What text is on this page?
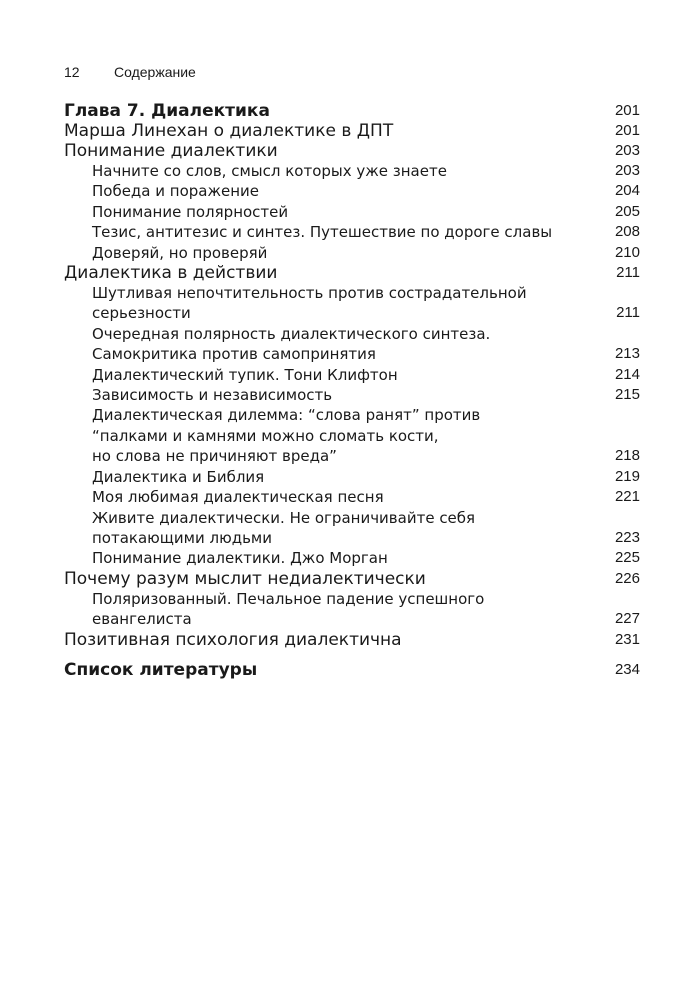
12 Содержание
Глава 7. Диалектика	201
Марша Линехан о диалектике в ДПТ	201
Понимание диалектики	203
Начните со слов, смысл которых уже знаете	203
Победа и поражение	204
Понимание полярностей	205
Тезис, антитезис и синтез. Путешествие по дороге славы	208
Доверяй, но проверяй	210
Диалектика в действии	211
Шутливая непочтительность против сострадательной
серьезности	211
Очередная полярность диалектического синтеза.
Самокритика против самопринятия	213
Диалектический тупик. Тони Клифтон	214
Зависимость и независимость	215
Диалектическая дилемма: “слова ранят” против
“палками и камнями можно сломать кости,
но слова не причиняют вреда”	218
Диалектика и Библия	219
Моя любимая диалектическая песня	221
Живите диалектически. Не ограничивайте себя
потакающими людьми	223
Понимание диалектики. Джо Морган	225
Почему разум мыслит недиалектически	226
Поляризованный. Печальное падение успешного
евангелиста	227
Позитивная психология диалектична	231
Список литературы	234
